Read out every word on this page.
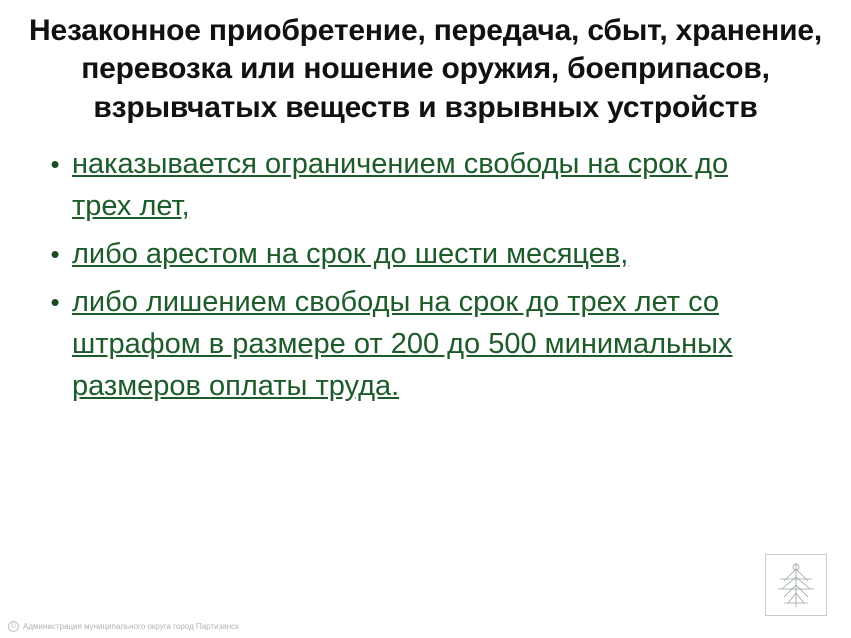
Незаконное приобретение, передача, сбыт, хранение, перевозка или ношение оружия, боеприпасов, взрывчатых веществ и взрывных устройств
• наказывается ограничением свободы на срок до трех лет,
• либо арестом на срок до шести месяцев,
• либо лишением свободы на срок до трех лет со штрафом в размере от 200 до 500 минимальных размеров оплаты труда.
© Администрация муниципального округа город Партизанск
